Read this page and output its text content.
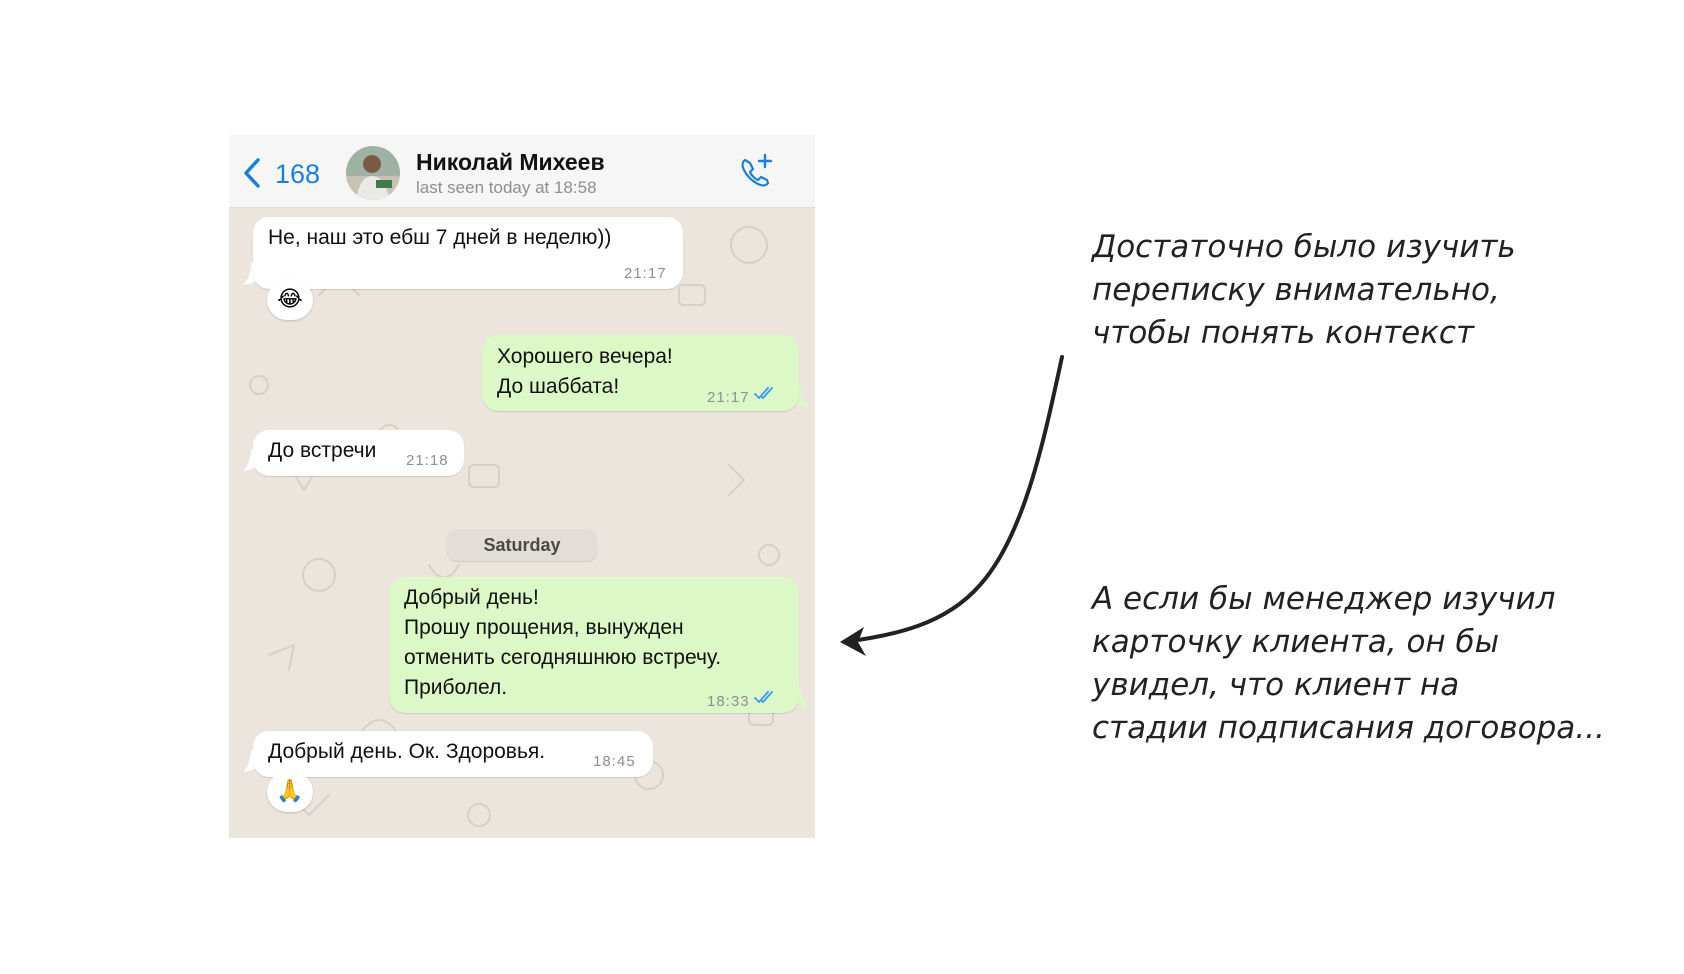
168	Николай Михеев
last seen today at 18:58
Не, наш это ебш 7 дней в неделю))
21:17
😂
Хорошего вечера!
До шаббата!	21:17
До встречи 21:18
Saturday
Добрый день!
Прошу прощения, вынужден
отменить сегодняшнюю встречу.
Приболел.
18:33
Добрый день. Ок. Здоровья.	18:45
🙏
Достаточно было изучить
переписку внимательно,
чтобы понять контекст
А если бы менеджер изучил
карточку клиента, он бы
увидел, что клиент на
стадии подписания договора...
